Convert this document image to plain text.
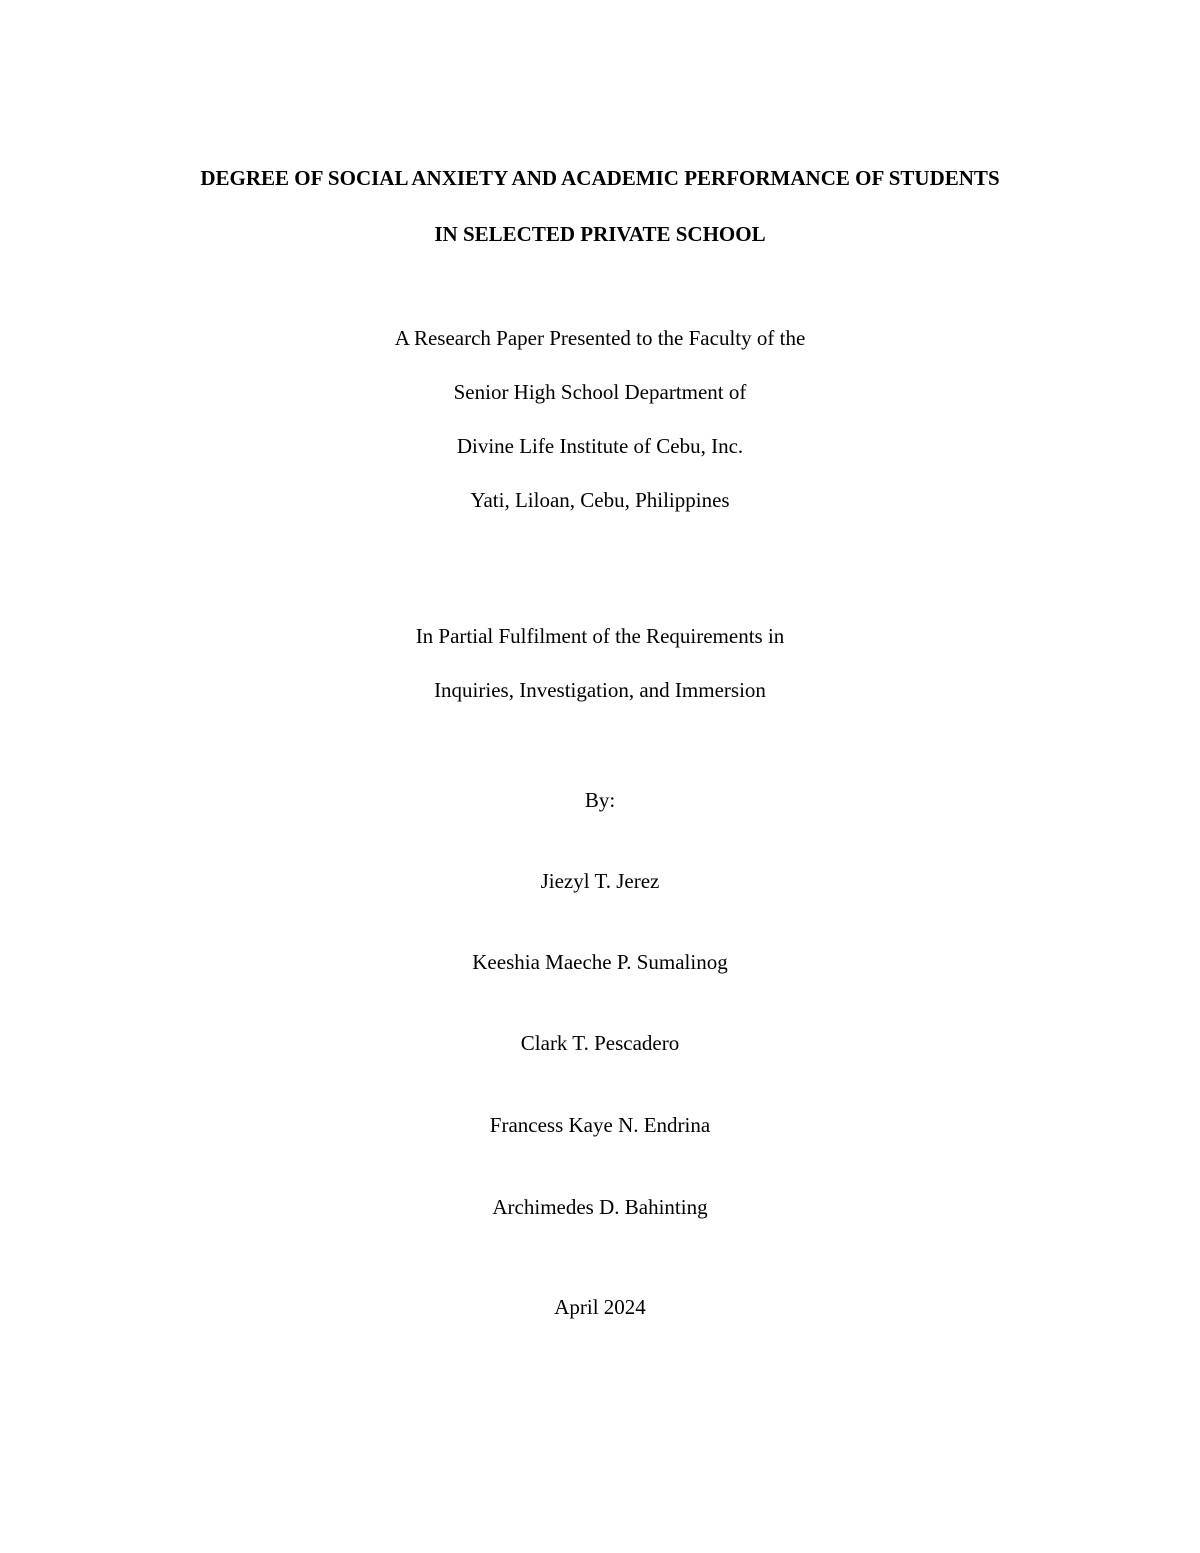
DEGREE OF SOCIAL ANXIETY AND ACADEMIC PERFORMANCE OF STUDENTS
IN SELECTED PRIVATE SCHOOL
A Research Paper Presented to the Faculty of the
Senior High School Department of
Divine Life Institute of Cebu, Inc.
Yati, Liloan, Cebu, Philippines
In Partial Fulfilment of the Requirements in
Inquiries, Investigation, and Immersion
By:
Jiezyl T. Jerez
Keeshia Maeche P. Sumalinog
Clark T. Pescadero
Francess Kaye N. Endrina
Archimedes D. Bahinting
April 2024
